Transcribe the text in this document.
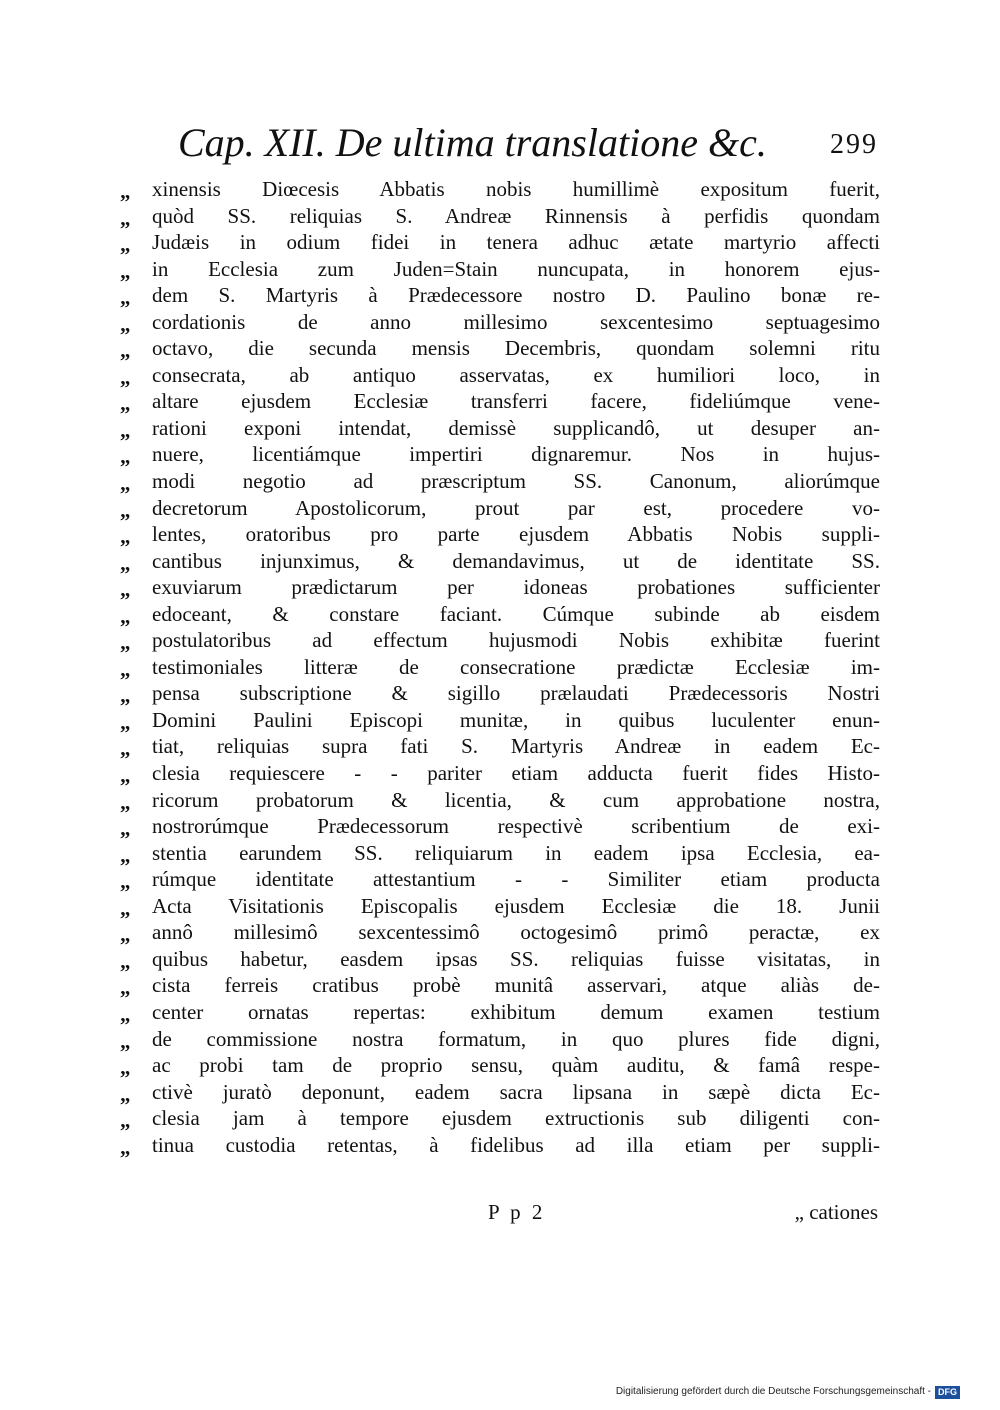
Cap. XII. De ultima translatione &c. 299
„	xinensis Diœcesis Abbatis nobis humillimè expositum fuerit,
„	quòd SS. reliquias S. Andreæ Rinnensis à perfidis quondam
„	Judæis in odium fidei in tenera adhuc ætate martyrio affecti
„	in Ecclesia zum Juden=Stain nuncupata, in honorem ejus-
„	dem S. Martyris à Prædecessore nostro D. Paulino bonæ re-
„	cordationis de anno millesimo sexcentesimo septuagesimo
„	octavo, die secunda mensis Decembris, quondam solemni ritu
„	consecrata, ab antiquo asservatas, ex humiliori loco, in
„	altare ejusdem Ecclesiæ transferri facere, fideliúmque vene-
„	rationi exponi intendat, demissè supplicandô, ut desuper an-
„	nuere, licentiámque impertiri dignaremur. Nos in hujus-
„	modi negotio ad præscriptum SS. Canonum, aliorúmque
„	decretorum Apostolicorum, prout par est, procedere vo-
„	lentes, oratoribus pro parte ejusdem Abbatis Nobis suppli-
„	cantibus injunximus, & demandavimus, ut de identitate SS.
„	exuviarum prædictarum per idoneas probationes sufficienter
„	edoceant, & constare faciant. Cúmque subinde ab eisdem
„	postulatoribus ad effectum hujusmodi Nobis exhibitæ fuerint
„	testimoniales litteræ de consecratione prædictæ Ecclesiæ im-
„	pensa subscriptione & sigillo prælaudati Prædecessoris Nostri
„	Domini Paulini Episcopi munitæ, in quibus luculenter enun-
„	tiat, reliquias supra fati S. Martyris Andreæ in eadem Ec-
„	clesia requiescere - - pariter etiam adducta fuerit fides Histo-
„	ricorum probatorum & licentia, & cum approbatione nostra,
„	nostrorúmque Prædecessorum respectivè scribentium de exi-
„	stentia earundem SS. reliquiarum in eadem ipsa Ecclesia, ea-
„	rúmque identitate attestantium - - Similiter etiam producta
„	Acta Visitationis Episcopalis ejusdem Ecclesiæ die 18. Junii
„	annô millesimô sexcentessimô octogesimô primô peractæ, ex
„	quibus habetur, easdem ipsas SS. reliquias fuisse visitatas, in
„	cista ferreis cratibus probè munitâ asservari, atque aliàs de-
„	center ornatas repertas: exhibitum demum examen testium
„	de commissione nostra formatum, in quo plures fide digni,
„	ac probi tam de proprio sensu, quàm auditu, & famâ respe-
„	ctivè juratò deponunt, eadem sacra lipsana in sæpè dicta Ec-
„	clesia jam à tempore ejusdem extructionis sub diligenti con-
„	tinua custodia retentas, à fidelibus ad illa etiam per suppli-
P p 2	„ cationes
Digitalisierung gefördert durch die Deutsche Forschungsgemeinschaft - DFG
